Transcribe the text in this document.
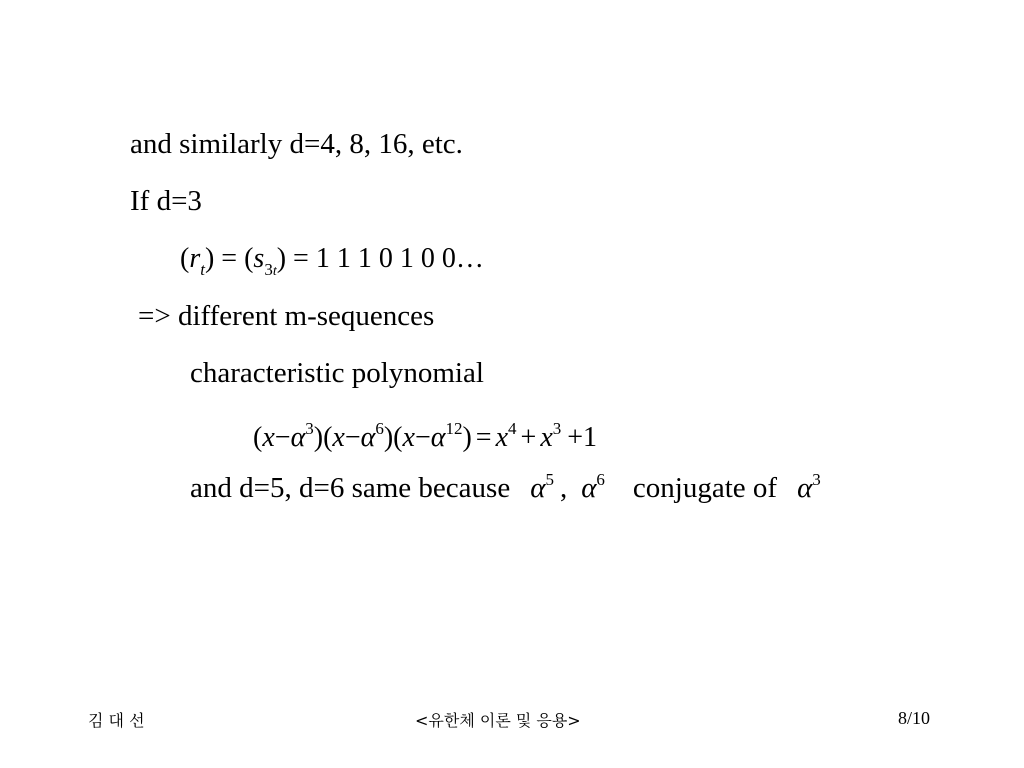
and similarly d=4, 8, 16, etc.
If d=3
$(r_t) = (s_{3t}) = 1$ 1 1 0 1 0 0…
=> different m-sequences
characteristic polynomial
$(x-\alpha^3)(x-\alpha^6)(x-\alpha^{12}) = x^4 + x^3 +1$
and d=5, d=6 same because $\alpha^5$ , $\alpha^6$ conjugate of $\alpha^3$
김 대 선	<유한체 이론 및 응용>	8/10
